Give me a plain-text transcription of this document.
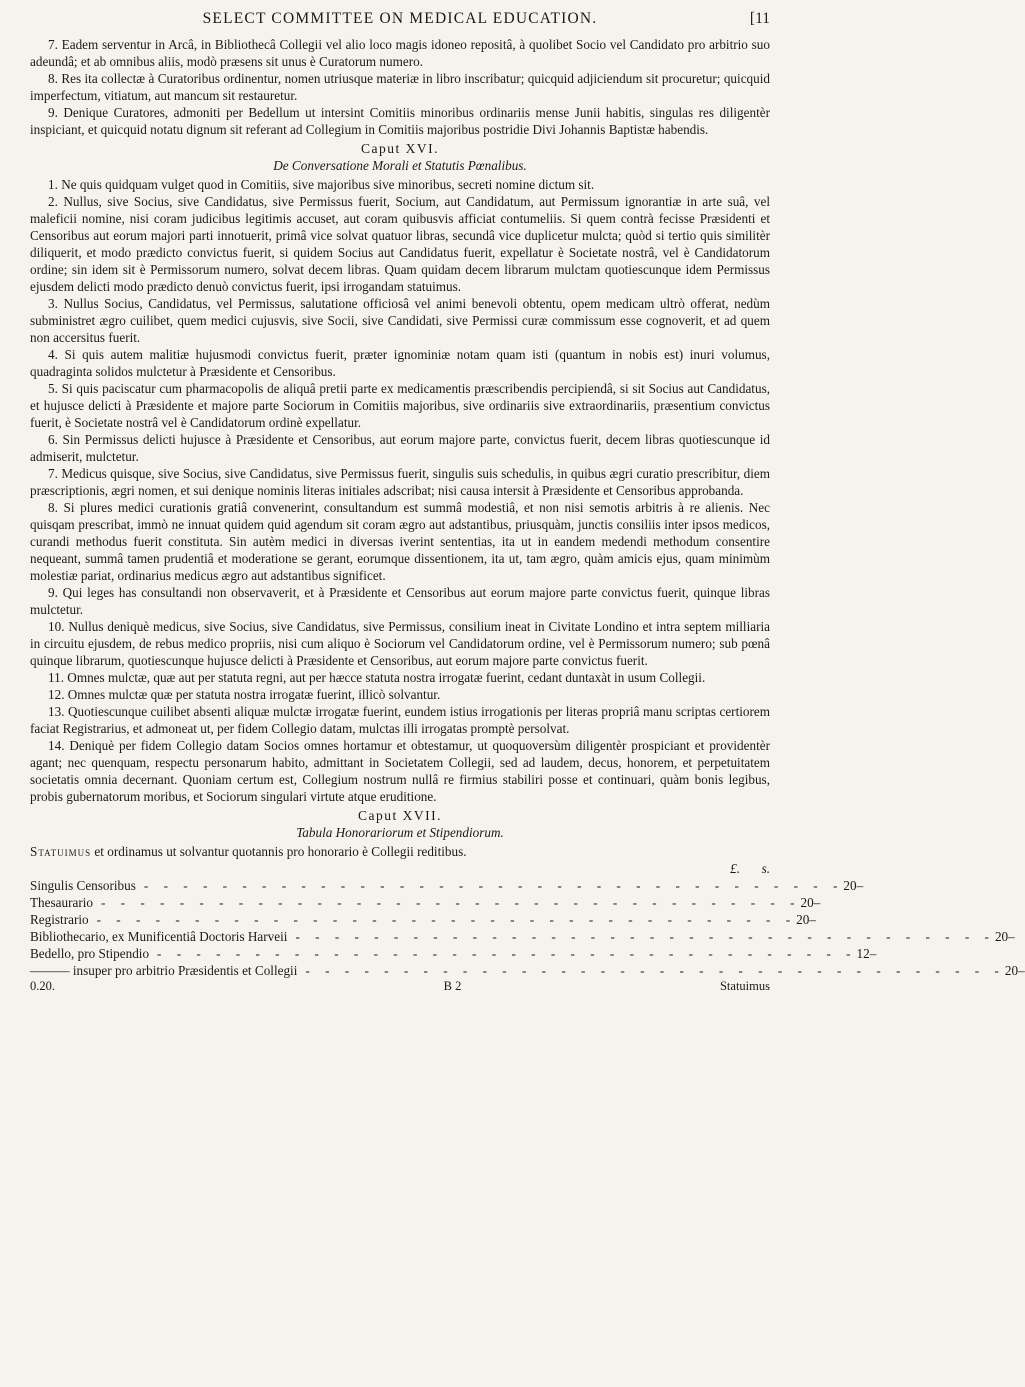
SELECT COMMITTEE ON MEDICAL EDUCATION.	[11

7. Eadem serventur in Arcâ, in Bibliothecâ Collegii vel alio loco magis idoneo repositâ, à quolibet Socio vel Candidato pro arbitrio suo adeundâ; et ab omnibus aliis, modò præsens sit unus è Curatorum numero.

8. Res ita collectæ à Curatoribus ordinentur, nomen utriusque materiæ in libro inscribatur; quicquid adjiciendum sit procuretur; quicquid imperfectum, vitiatum, aut mancum sit restauretur.

9. Denique Curatores, admoniti per Bedellum ut intersint Comitiis minoribus ordinariis mense Junii habitis, singulas res diligentèr inspiciant, et quicquid notatu dignum sit referant ad Collegium in Comitiis majoribus postridie Divi Johannis Baptistæ habendis.

Caput XVI.
De Conversatione Morali et Statutis Pœnalibus.

1. Ne quis quidquam vulget quod in Comitiis, sive majoribus sive minoribus, secreti nomine dictum sit.

2. Nullus, sive Socius, sive Candidatus, sive Permissus fuerit, Socium, aut Candidatum, aut Permissum ignorantiæ in arte suâ, vel maleficii nomine, nisi coram judicibus legitimis accuset, aut coram quibusvis afficiat contumeliis. Si quem contrà fecisse Præsidenti et Censoribus aut eorum majori parti innotuerit, primâ vice solvat quatuor libras, secundâ vice duplicetur mulcta; quòd si tertio quis similitèr diliquerit, et modo prædicto convictus fuerit, si quidem Socius aut Candidatus fuerit, expellatur è Societate nostrâ, vel è Candidatorum ordine; sin idem sit è Permissorum numero, solvat decem libras. Quam quidam decem librarum mulctam quotiescunque idem Permissus ejusdem delicti modo prædicto denuò convictus fuerit, ipsi irrogandam statuimus.

3. Nullus Socius, Candidatus, vel Permissus, salutatione officiosâ vel animi benevoli obtentu, opem medicam ultrò offerat, nedùm subministret ægro cuilibet, quem medici cujusvis, sive Socii, sive Candidati, sive Permissi curæ commissum esse cognoverit, et ad quem non accersitus fuerit.

4. Si quis autem malitiæ hujusmodi convictus fuerit, præter ignominiæ notam quam isti (quantum in nobis est) inuri volumus, quadraginta solidos mulctetur à Præsidente et Censoribus.

5. Si quis paciscatur cum pharmacopolis de aliquâ pretii parte ex medicamentis præscribendis percipiendâ, si sit Socius aut Candidatus, et hujusce delicti à Præsidente et majore parte Sociorum in Comitiis majoribus, sive ordinariis sive extraordinariis, præsentium convictus fuerit, è Societate nostrâ vel è Candidatorum ordinè expellatur.

6. Sin Permissus delicti hujusce à Præsidente et Censoribus, aut eorum majore parte, convictus fuerit, decem libras quotiescunque id admiserit, mulctetur.

7. Medicus quisque, sive Socius, sive Candidatus, sive Permissus fuerit, singulis suis schedulis, in quibus ægri curatio prescribitur, diem præscriptionis, ægri nomen, et sui denique nominis literas initiales adscribat; nisi causa intersit à Præsidente et Censoribus approbanda.

8. Si plures medici curationis gratiâ convenerint, consultandum est summâ modestiâ, et non nisi semotis arbitris à re alienis. Nec quisqam prescribat, immò ne innuat quidem quid agendum sit coram ægro aut adstantibus, priusquàm, junctis consiliis inter ipsos medicos, curandi methodus fuerit constituta. Sin autèm medici in diversas iverint sententias, ita ut in eandem medendi methodum consentire nequeant, summâ tamen prudentiâ et moderatione se gerant, eorumque dissentionem, ita ut, tam ægro, quàm amicis ejus, quam minimùm molestiæ pariat, ordinarius medicus ægro aut adstantibus significet.

9. Qui leges has consultandi non observaverit, et à Præsidente et Censoribus aut eorum majore parte convictus fuerit, quinque libras mulctetur.

10. Nullus deniquè medicus, sive Socius, sive Candidatus, sive Permissus, consilium ineat in Civitate Londino et intra septem milliaria in circuitu ejusdem, de rebus medico propriis, nisi cum aliquo è Sociorum vel Candidatorum ordine, vel è Permissorum numero; sub pœnâ quinque librarum, quotiescunque hujusce delicti à Præsidente et Censoribus, aut eorum majore parte convictus fuerit.

11. Omnes mulctæ, quæ aut per statuta regni, aut per hæcce statuta nostra irrogatæ fuerint, cedant duntaxàt in usum Collegii.

12. Omnes mulctæ quæ per statuta nostra irrogatæ fuerint, illicò solvantur.

13. Quotiescunque cuilibet absenti aliquæ mulctæ irrogatæ fuerint, eundem istius irrogationis per literas propriâ manu scriptas certiorem faciat Registrarius, et admoneat ut, per fidem Collegio datam, mulctas illi irrogatas promptè persolvat.

14. Deniquè per fidem Collegio datam Socios omnes hortamur et obtestamur, ut quoquoversùm diligentèr prospiciant et providentèr agant; nec quenquam, respectu personarum habito, admittant in Societatem Collegii, sed ad laudem, decus, honorem, et perpetuitatem societatis omnia decernant. Quoniam certum est, Collegium nostrum nullâ re firmius stabiliri posse et continuari, quàm bonis legibus, probis gubernatorum moribus, et Sociorum singulari virtute atque eruditione.

Caput XVII.
Tabula Honorariorum et Stipendiorum.

Statuimus et ordinamus ut solvantur quotannis pro honorario è Collegii reditibus.

£.	s.
Singulis Censoribus - - - - - - - - - - - - - - - - - - - - - - - - - - - - - - - - - - - - 20 –
Thesaurario - - - - - - - - - - - - - - - - - - - - - - - - - - - - - - - - - - - - 20 –
Registrario - - - - - - - - - - - - - - - - - - - - - - - - - - - - - - - - - - - - 20 –
Bibliothecario, ex Munificentiâ Doctoris Harveii - - - - - - - - - - - - - - - - - - - - - - - - - - - - - - - - - - - - 20 –
Bedello, pro Stipendio - - - - - - - - - - - - - - - - - - - - - - - - - - - - - - - - - - - - 12 –
——— insuper pro arbitrio Præsidentis et Collegii - - - - - - - - - - - - - - - - - - - - - - - - - - - - - - - - - - - - 20 –
0.20.	B 2	Statuimus
